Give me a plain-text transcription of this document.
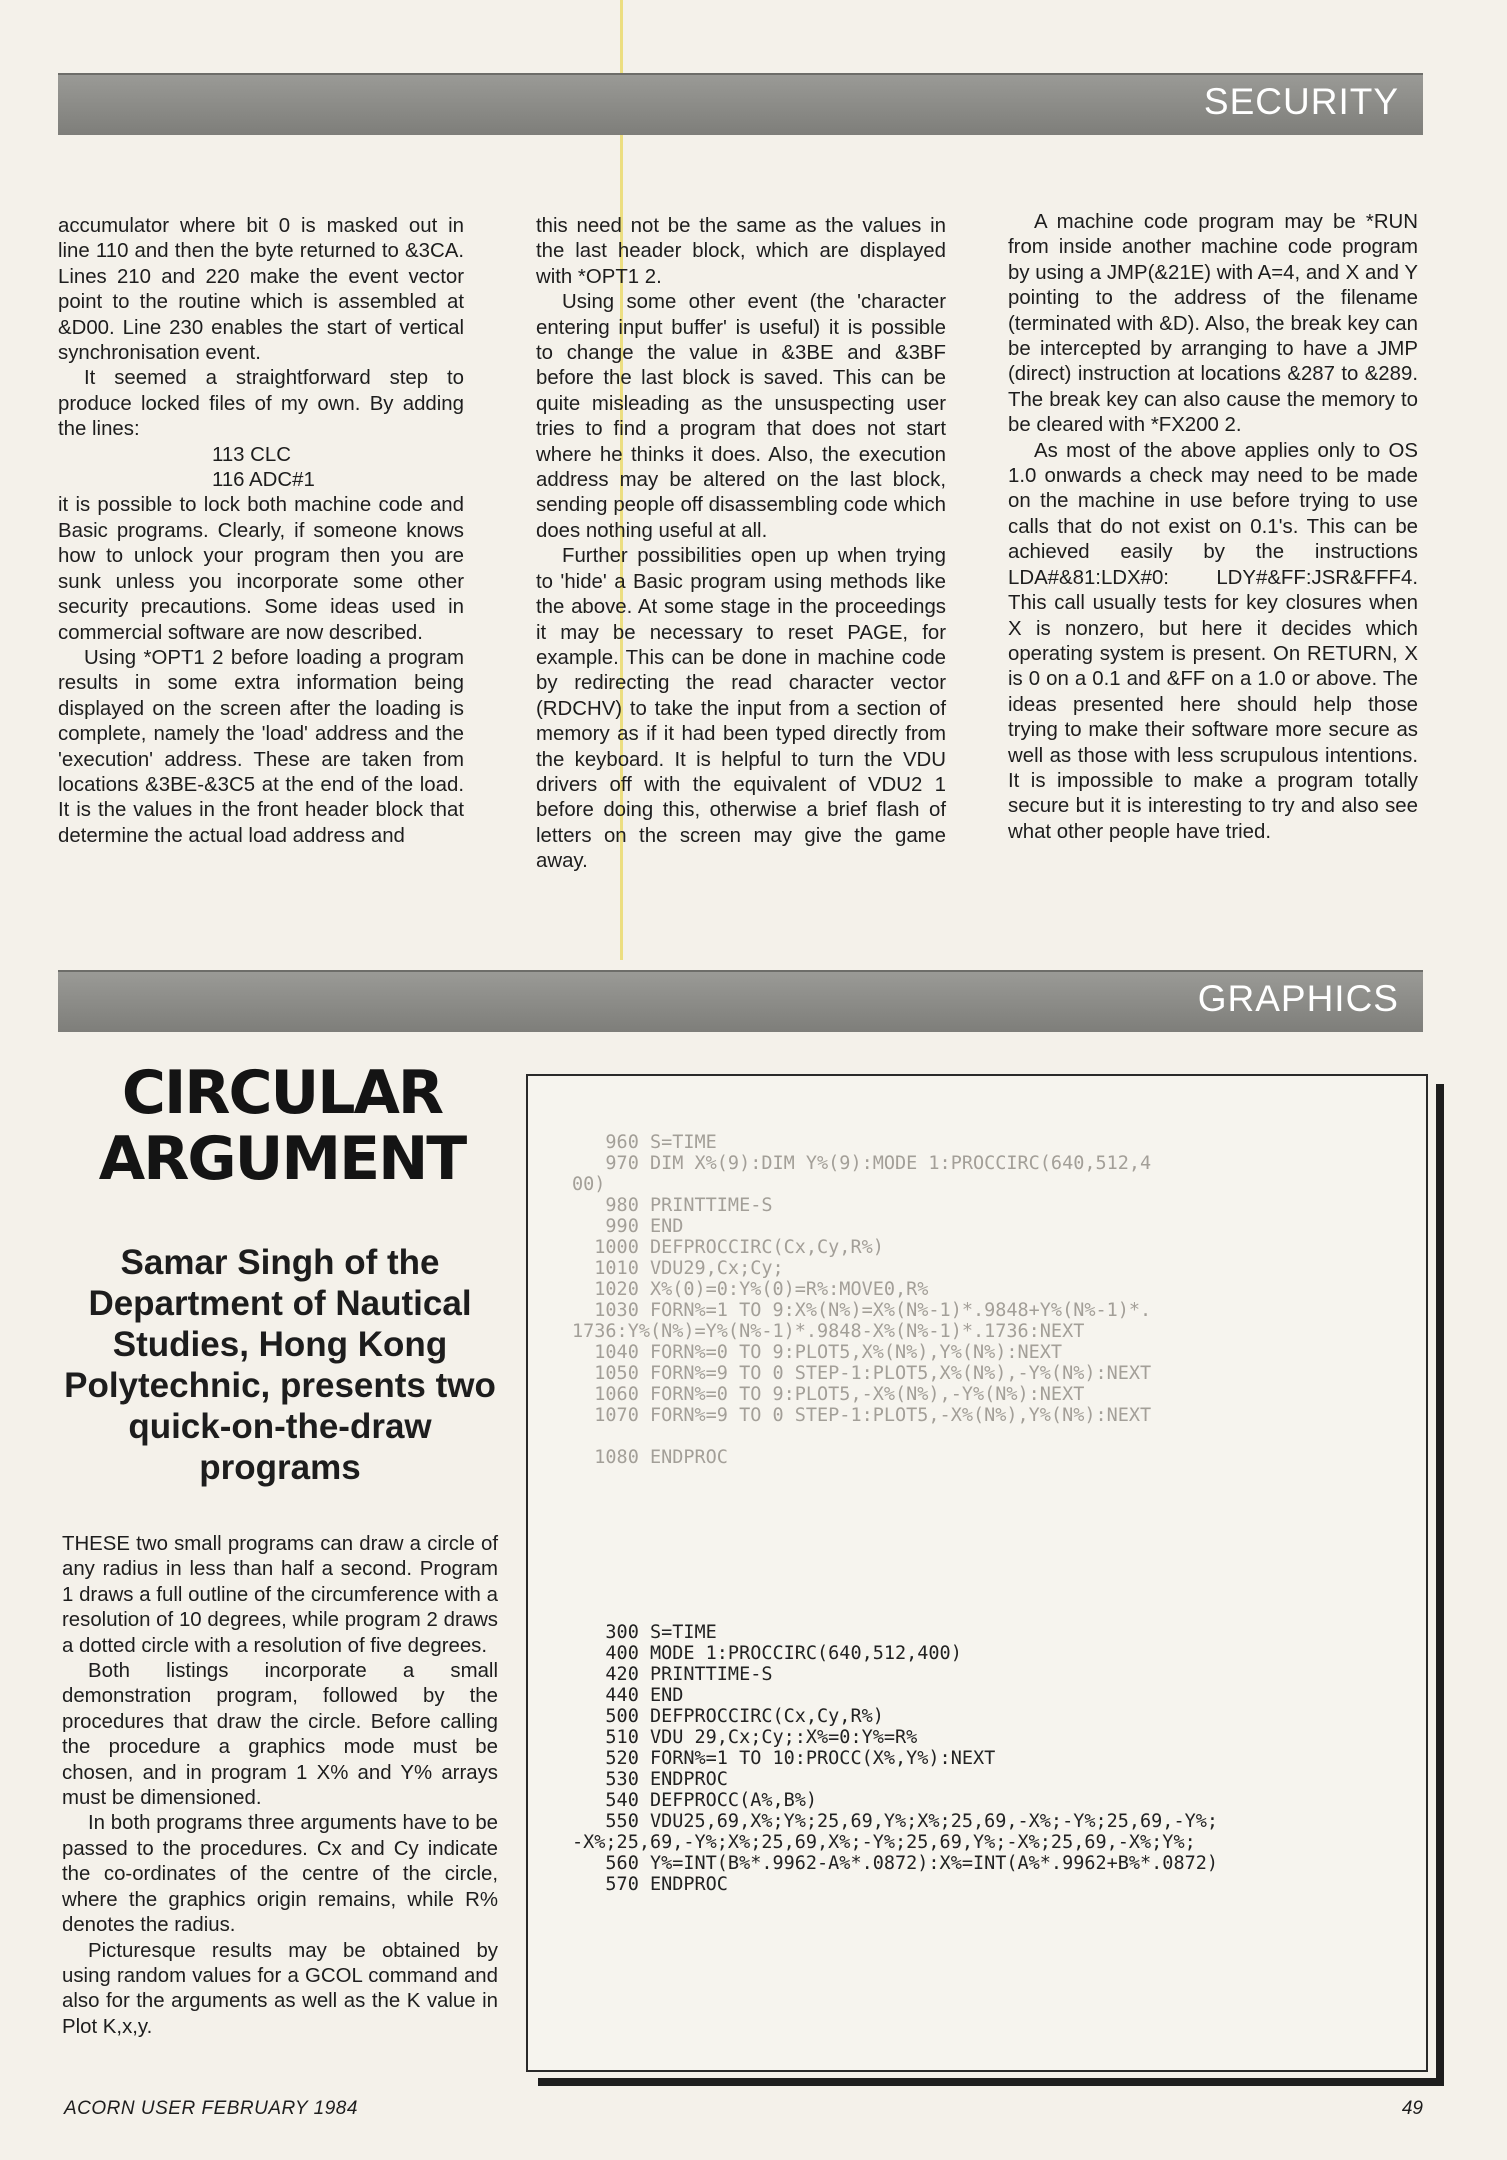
SECURITY

accumulator where bit 0 is masked out in line 110 and then the byte returned to &3CA. Lines 210 and 220 make the event vector point to the routine which is assembled at &D00. Line 230 enables the start of vertical synchronisation event.

It seemed a straightforward step to produce locked files of my own. By adding the lines:

113 CLC

116 ADC#1

it is possible to lock both machine code and Basic programs. Clearly, if someone knows how to unlock your program then you are sunk unless you incorporate some other security precautions. Some ideas used in commercial software are now described.

Using *OPT1 2 before loading a program results in some extra information being displayed on the screen after the loading is complete, namely the 'load' address and the 'execution' address. These are taken from locations &3BE-&3C5 at the end of the load. It is the values in the front header block that determine the actual load address and

this need not be the same as the values in the last header block, which are displayed with *OPT1 2.

Using some other event (the 'character entering input buffer' is useful) it is possible to change the value in &3BE and &3BF before the last block is saved. This can be quite misleading as the unsuspecting user tries to find a program that does not start where he thinks it does. Also, the execution address may be altered on the last block, sending people off disassembling code which does nothing useful at all.

Further possibilities open up when trying to 'hide' a Basic program using methods like the above. At some stage in the proceedings it may be necessary to reset PAGE, for example. This can be done in machine code by redirecting the read character vector (RDCHV) to take the input from a section of memory as if it had been typed directly from the keyboard. It is helpful to turn the VDU drivers off with the equivalent of VDU2 1 before doing this, otherwise a brief flash of letters on the screen may give the game away.

A machine code program may be *RUN from inside another machine code program by using a JMP(&21E) with A=4, and X and Y pointing to the address of the filename (terminated with &D). Also, the break key can be intercepted by arranging to have a JMP (direct) instruction at locations &287 to &289. The break key can also cause the memory to be cleared with *FX200 2.

As most of the above applies only to OS 1.0 onwards a check may need to be made on the machine in use before trying to use calls that do not exist on 0.1's. This can be achieved easily by the instructions LDA#&81:LDX#0: LDY#&FF:JSR&FFF4. This call usually tests for key closures when X is nonzero, but here it decides which operating system is present. On RETURN, X is 0 on a 0.1 and &FF on a 1.0 or above. The ideas presented here should help those trying to make their software more secure as well as those with less scrupulous intentions. It is impossible to make a program totally secure but it is interesting to try and also see what other people have tried.

GRAPHICS
CIRCULAR
ARGUMENT
Samar Singh of the Department of Nautical Studies, Hong Kong Polytechnic, presents two quick-on-the-draw programs

THESE two small programs can draw a circle of any radius in less than half a second. Program 1 draws a full outline of the circumference with a resolution of 10 degrees, while program 2 draws a dotted circle with a resolution of five degrees.

Both listings incorporate a small demonstration program, followed by the procedures that draw the circle. Before calling the procedure a graphics mode must be chosen, and in program 1 X% and Y% arrays must be dimensioned.

In both programs three arguments have to be passed to the procedures. Cx and Cy indicate the co-ordinates of the centre of the circle, where the graphics origin remains, while R% denotes the radius.

Picturesque results may be obtained by using random values for a GCOL command and also for the arguments as well as the K value in Plot K,x,y.

960 S=TIME
970 DIM X%(9):DIM Y%(9):MODE 1:PROCCIRC(640,512,4
00)
980 PRINTTIME-S
990 END
1000 DEFPROCCIRC(Cx,Cy,R%)
1010 VDU29,Cx;Cy;
1020 X%(0)=0:Y%(0)=R%:MOVE0,R%
1030 FORN%=1 TO 9:X%(N%)=X%(N%-1)*.9848+Y%(N%-1)*.
1736:Y%(N%)=Y%(N%-1)*.9848-X%(N%-1)*.1736:NEXT
1040 FORN%=0 TO 9:PLOT5,X%(N%),Y%(N%):NEXT
1050 FORN%=9 TO 0 STEP-1:PLOT5,X%(N%),-Y%(N%):NEXT
1060 FORN%=0 TO 9:PLOT5,-X%(N%),-Y%(N%):NEXT
1070 FORN%=9 TO 0 STEP-1:PLOT5,-X%(N%),Y%(N%):NEXT

1080 ENDPROC
300 S=TIME
400 MODE 1:PROCCIRC(640,512,400)
420 PRINTTIME-S
440 END
500 DEFPROCCIRC(Cx,Cy,R%)
510 VDU 29,Cx;Cy;:X%=0:Y%=R%
520 FORN%=1 TO 10:PROCC(X%,Y%):NEXT
530 ENDPROC
540 DEFPROCC(A%,B%)
550 VDU25,69,X%;Y%;25,69,Y%;X%;25,69,-X%;-Y%;25,69,-Y%;
-X%;25,69,-Y%;X%;25,69,X%;-Y%;25,69,Y%;-X%;25,69,-X%;Y%;
560 Y%=INT(B%*.9962-A%*.0872):X%=INT(A%*.9962+B%*.0872)
570 ENDPROC
ACORN USER FEBRUARY 1984	49
